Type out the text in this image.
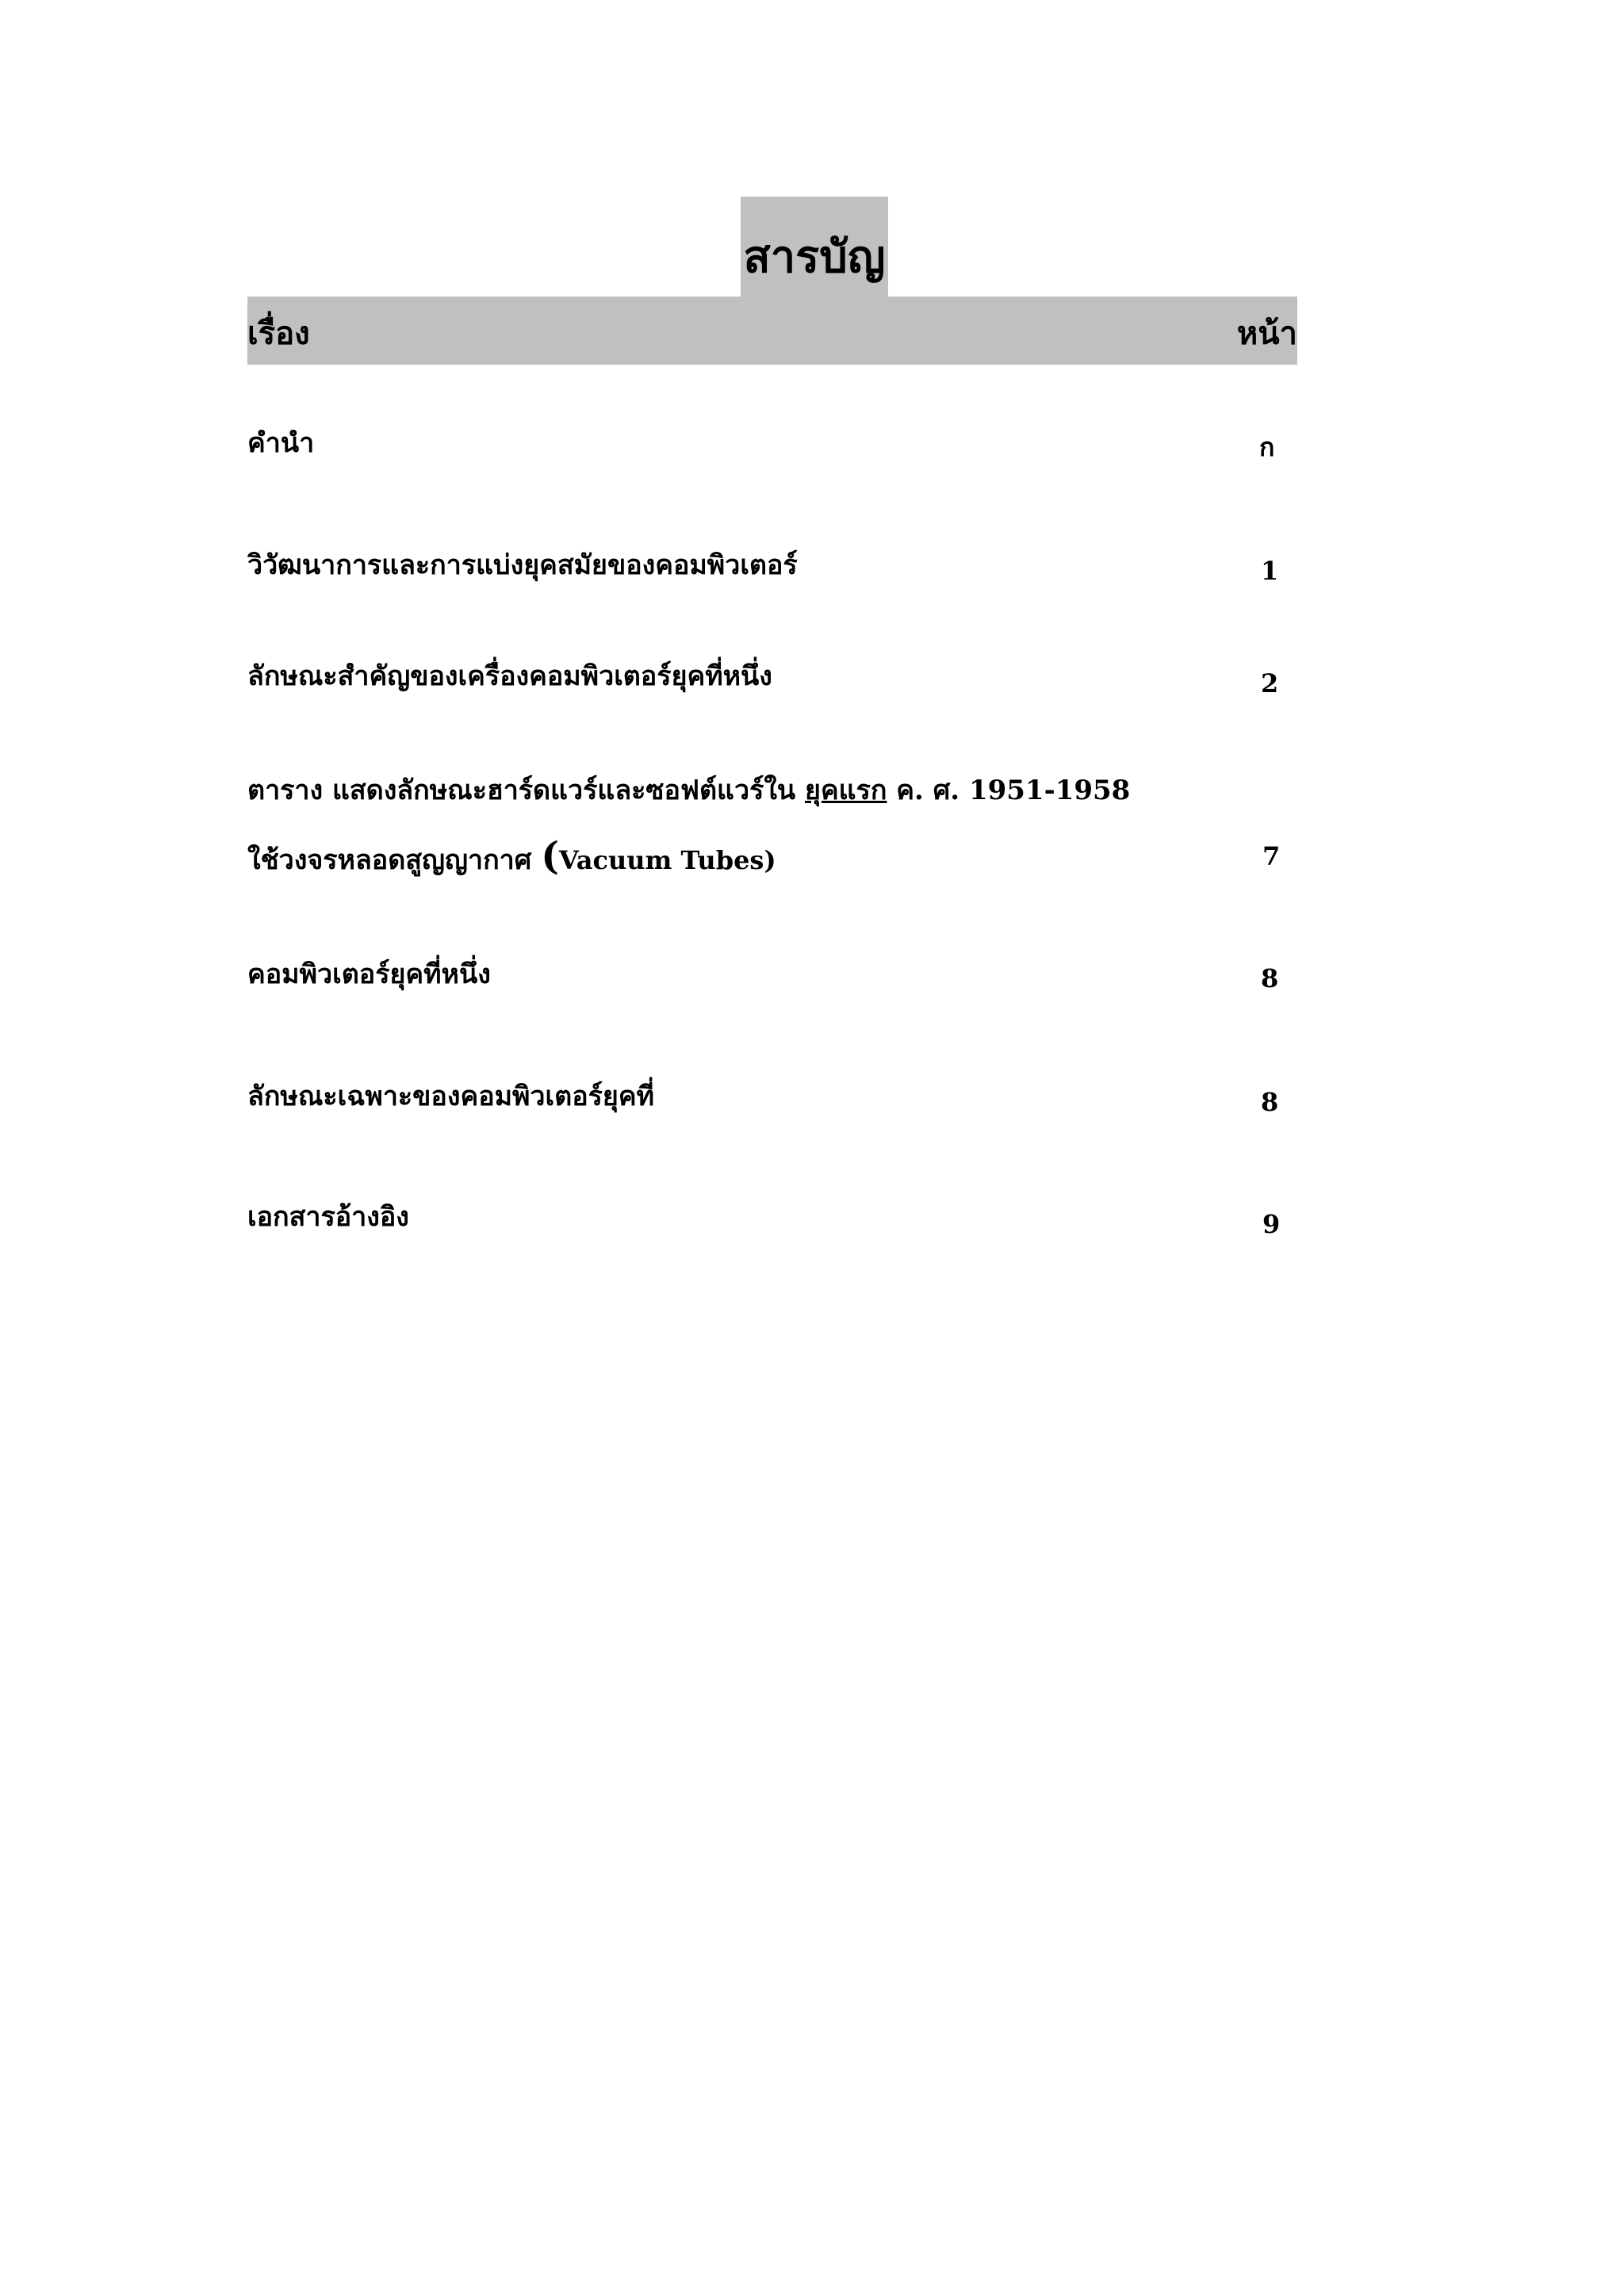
สารบัญ
เรื่อง	หน้า
คำนำ	ก
วิวัฒนาการและการแบ่งยุคสมัยของคอมพิวเตอร์	1
ลักษณะสำคัญของเครื่องคอมพิวเตอร์ยุคที่หนึ่ง	2
ตาราง แสดงลักษณะฮาร์ดแวร์และซอฟต์แวร์ใน ยุคแรก ค. ศ. 1951-1958
ใช้วงจรหลอดสูญญากาศ (Vacuum Tubes)	7
คอมพิวเตอร์ยุคที่หนึ่ง	8
ลักษณะเฉพาะของคอมพิวเตอร์ยุคที่	8
เอกสารอ้างอิง	9
